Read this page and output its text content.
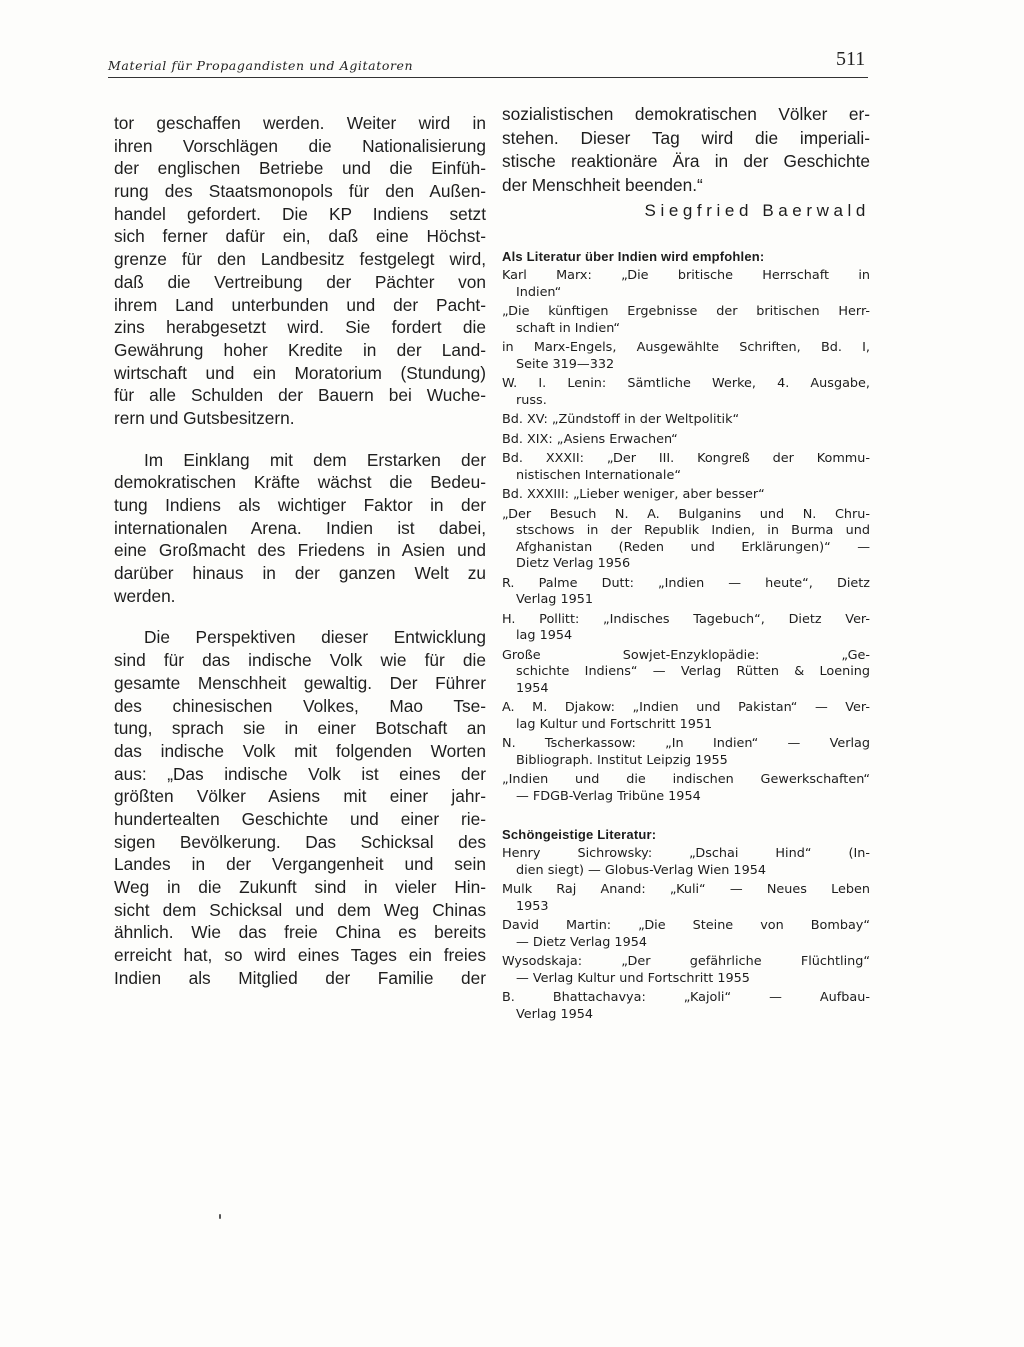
Material für Propagandisten und Agitatoren	511
tor geschaffen werden. Weiter wird in
ihren Vorschlägen die Nationalisierung
der englischen Betriebe und die Einfüh-
rung des Staatsmonopols für den Außen-
handel gefordert. Die KP Indiens setzt
sich ferner dafür ein, daß eine Höchst-
grenze für den Landbesitz festgelegt wird,
daß die Vertreibung der Pächter von
ihrem Land unterbunden und der Pacht-
zins herabgesetzt wird. Sie fordert die
Gewährung hoher Kredite in der Land-
wirtschaft und ein Moratorium (Stundung)
für alle Schulden der Bauern bei Wuche-
rern und Gutsbesitzern.
Im Einklang mit dem Erstarken der
demokratischen Kräfte wächst die Bedeu-
tung Indiens als wichtiger Faktor in der
internationalen Arena. Indien ist dabei,
eine Großmacht des Friedens in Asien und
darüber hinaus in der ganzen Welt zu
werden.
Die Perspektiven dieser Entwicklung
sind für das indische Volk wie für die
gesamte Menschheit gewaltig. Der Führer
des chinesischen Volkes, Mao Tse-
tung, sprach sie in einer Botschaft an
das indische Volk mit folgenden Worten
aus: „Das indische Volk ist eines der
größten Völker Asiens mit einer jahr-
hundertealten Geschichte und einer rie-
sigen Bevölkerung. Das Schicksal des
Landes in der Vergangenheit und sein
Weg in die Zukunft sind in vieler Hin-
sicht dem Schicksal und dem Weg Chinas
ähnlich. Wie das freie China es bereits
erreicht hat, so wird eines Tages ein freies
Indien als Mitglied der Familie der
sozialistischen demokratischen Völker er-
stehen. Dieser Tag wird die imperiali-
stische reaktionäre Ära in der Geschichte
der Menschheit beenden.“
Siegfried Baerwald
Als Literatur über Indien wird empfohlen:
Karl Marx: „Die britische Herrschaft in
Indien“
„Die künftigen Ergebnisse der britischen Herr-
schaft in Indien“
in Marx-Engels, Ausgewählte Schriften, Bd. I,
Seite 319—332
W. I. Lenin: Sämtliche Werke, 4. Ausgabe,
russ.
Bd. XV: „Zündstoff in der Weltpolitik“
Bd. XIX: „Asiens Erwachen“
Bd. XXXII: „Der III. Kongreß der Kommu-
nistischen Internationale“
Bd. XXXIII: „Lieber weniger, aber besser“
„Der Besuch N. A. Bulganins und N. Chru-
stschows in der Republik Indien, in Burma und
Afghanistan (Reden und Erklärungen)“ —
Dietz Verlag 1956
R. Palme Dutt: „Indien — heute“, Dietz
Verlag 1951
H. Pollitt: „Indisches Tagebuch“, Dietz Ver-
lag 1954
Große Sowjet-Enzyklopädie: „Ge-
schichte Indiens“ — Verlag Rütten & Loening
1954
A. M. Djakow: „Indien und Pakistan“ — Ver-
lag Kultur und Fortschritt 1951
N. Tscherkassow: „In Indien“ — Verlag
Bibliograph. Institut Leipzig 1955
„Indien und die indischen Gewerkschaften“
— FDGB-Verlag Tribüne 1954
Schöngeistige Literatur:
Henry Sichrowsky: „Dschai Hind“ (In-
dien siegt) — Globus-Verlag Wien 1954
Mulk Raj Anand: „Kuli“ — Neues Leben
1953
David Martin: „Die Steine von Bombay“
— Dietz Verlag 1954
Wysodskaja: „Der gefährliche Flüchtling“
— Verlag Kultur und Fortschritt 1955
B. Bhattachavya: „Kajoli“ — Aufbau-
Verlag 1954
